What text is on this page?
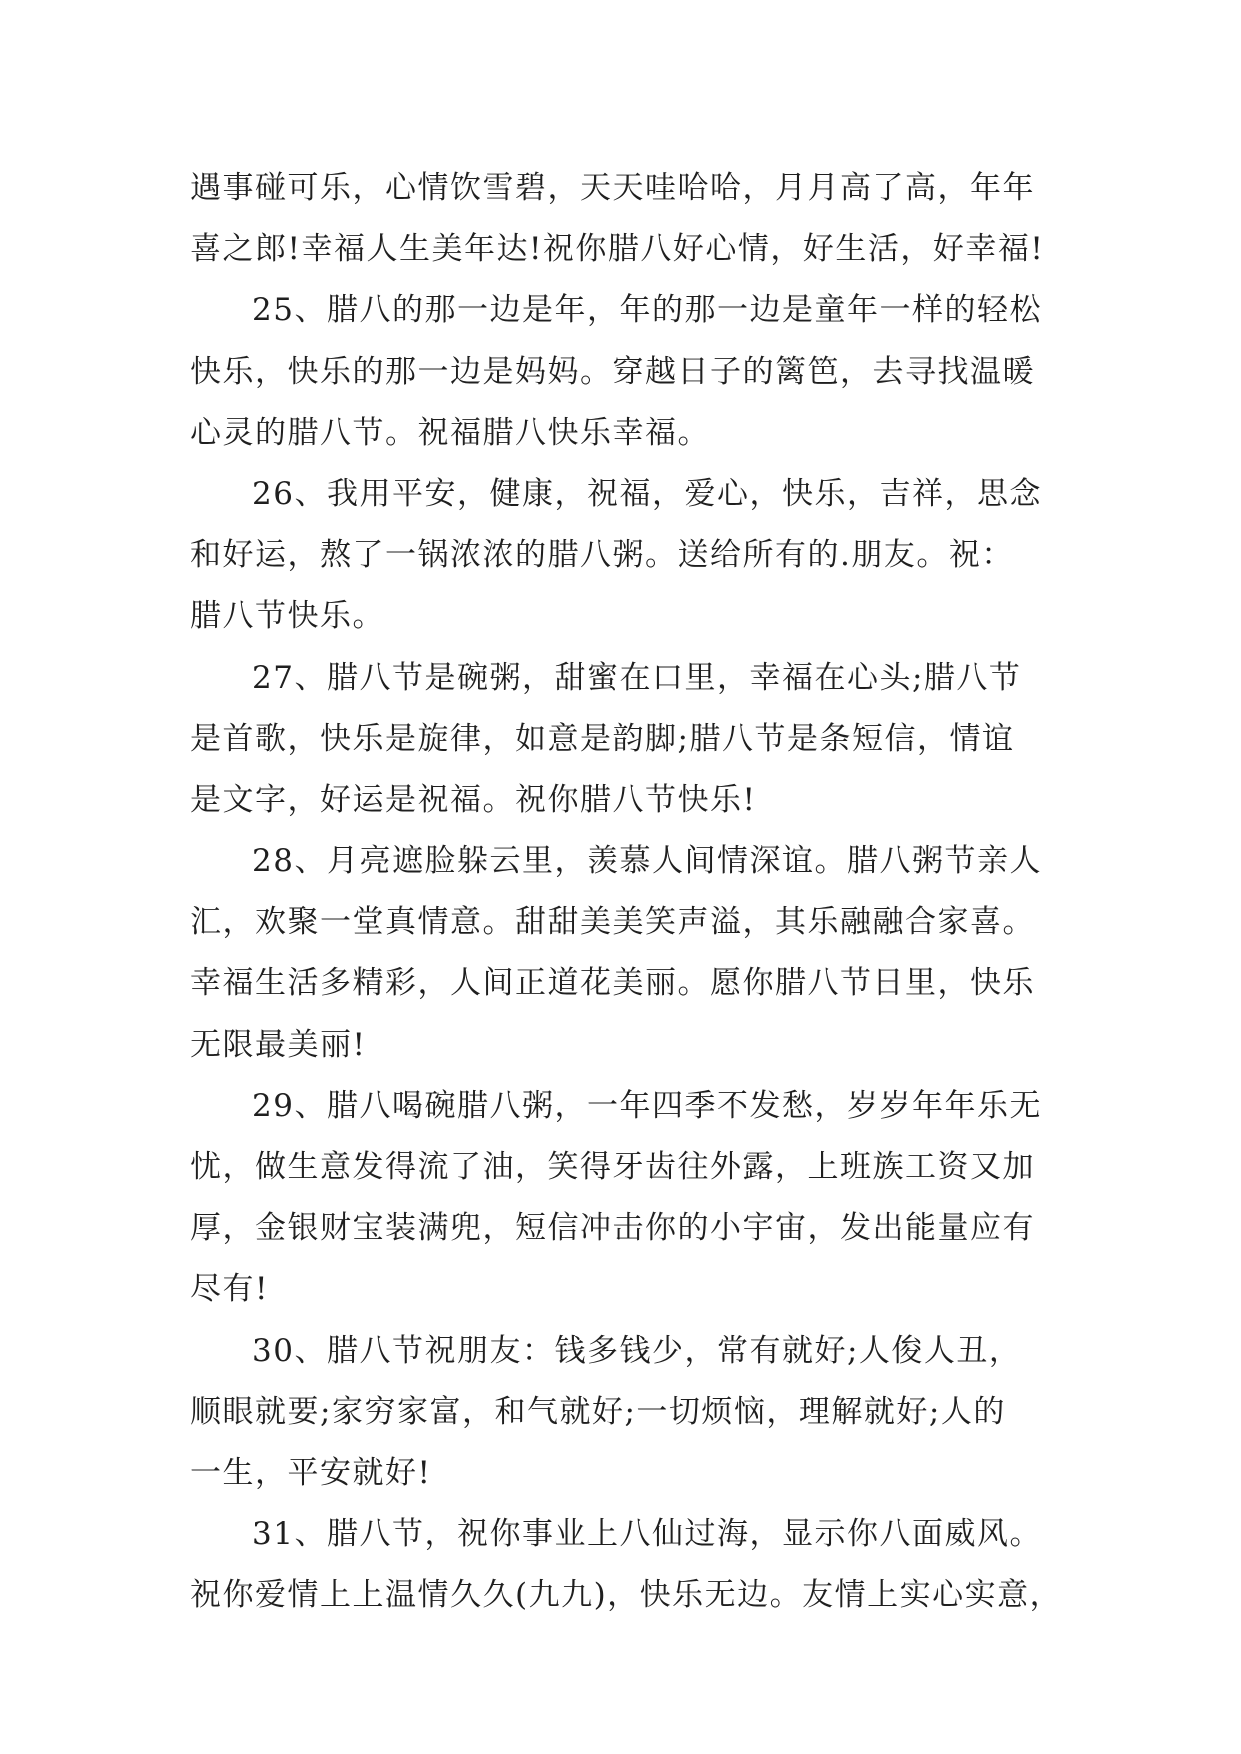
遇事碰可乐，心情饮雪碧，天天哇哈哈，月月高了高，年年
喜之郎!幸福人生美年达!祝你腊八好心情，好生活，好幸福!
25、腊八的那一边是年，年的那一边是童年一样的轻松
快乐，快乐的那一边是妈妈。穿越日子的篱笆，去寻找温暖
心灵的腊八节。祝福腊八快乐幸福。
26、我用平安，健康，祝福，爱心，快乐，吉祥，思念
和好运，熬了一锅浓浓的腊八粥。送给所有的.朋友。祝：
腊八节快乐。
27、腊八节是碗粥，甜蜜在口里，幸福在心头;腊八节
是首歌，快乐是旋律，如意是韵脚;腊八节是条短信，情谊
是文字，好运是祝福。祝你腊八节快乐!
28、月亮遮脸躲云里，羡慕人间情深谊。腊八粥节亲人
汇，欢聚一堂真情意。甜甜美美笑声溢，其乐融融合家喜。
幸福生活多精彩，人间正道花美丽。愿你腊八节日里，快乐
无限最美丽!
29、腊八喝碗腊八粥，一年四季不发愁，岁岁年年乐无
忧，做生意发得流了油，笑得牙齿往外露，上班族工资又加
厚，金银财宝装满兜，短信冲击你的小宇宙，发出能量应有
尽有!
30、腊八节祝朋友：钱多钱少，常有就好;人俊人丑，
顺眼就要;家穷家富，和气就好;一切烦恼，理解就好;人的
一生，平安就好!
31、腊八节，祝你事业上八仙过海，显示你八面威风。
祝你爱情上上温情久久(九九)，快乐无边。友情上实心实意，
